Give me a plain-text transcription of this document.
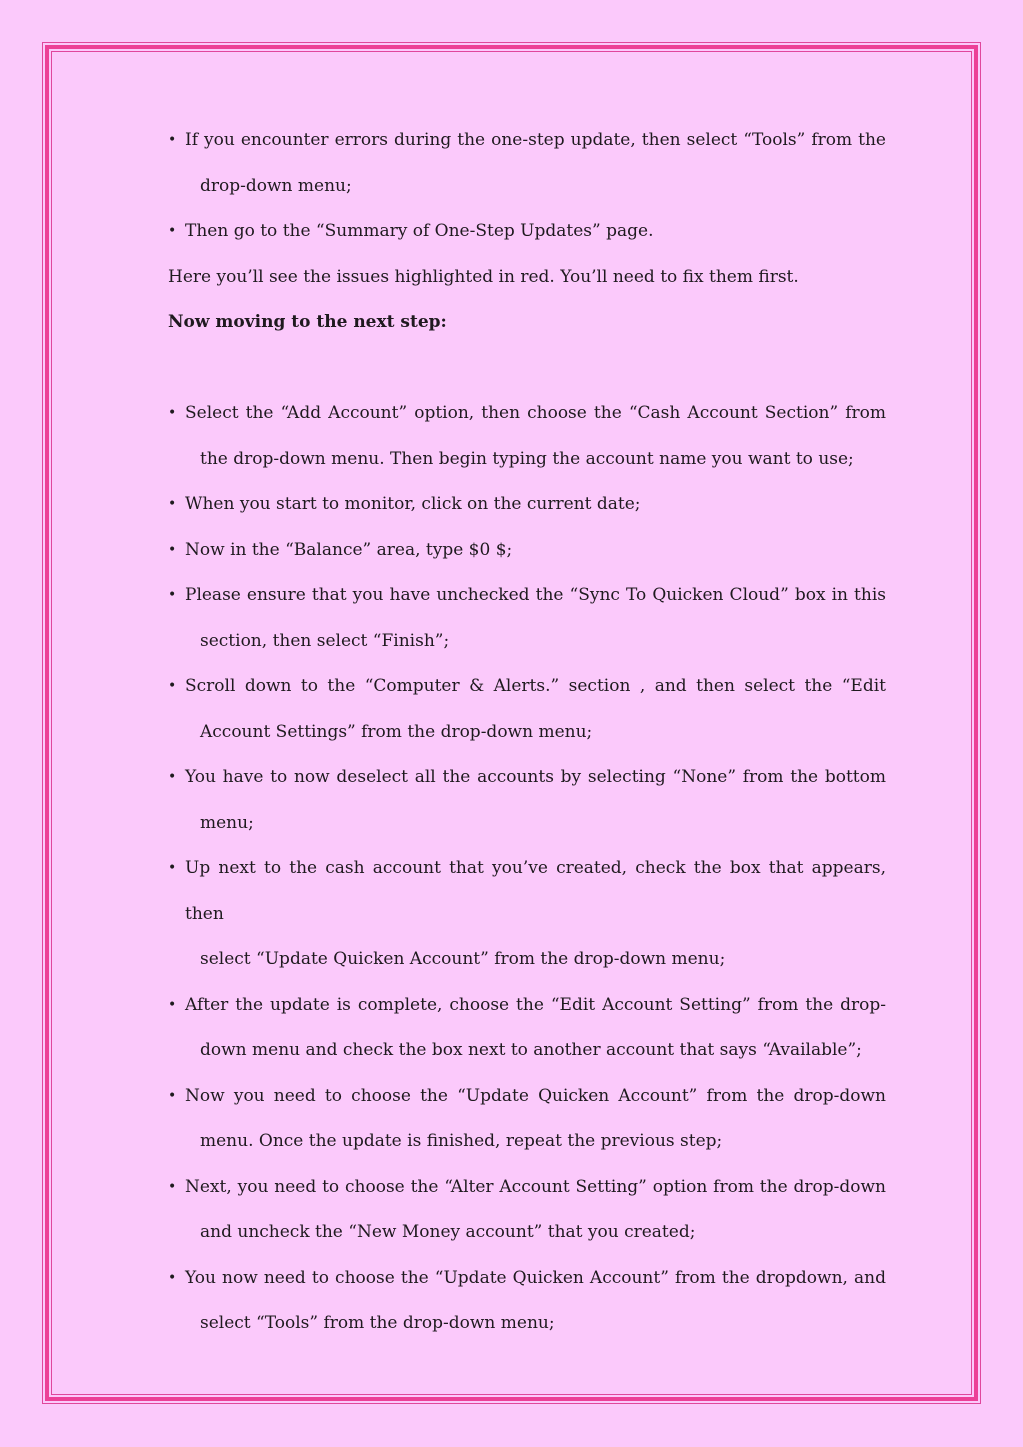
• If you encounter errors during the one-step update, then select “Tools” from the
drop-down menu;
• Then go to the “Summary of One-Step Updates” page.
Here you’ll see the issues highlighted in red. You’ll need to fix them first.
Now moving to the next step:
• Select the “Add Account” option, then choose the “Cash Account Section” from
the drop-down menu. Then begin typing the account name you want to use;
• When you start to monitor, click on the current date;
• Now in the “Balance” area, type $0 $;
• Please ensure that you have unchecked the “Sync To Quicken Cloud” box in this
section, then select “Finish”;
• Scroll down to the “Computer & Alerts.” section , and then select the “Edit
Account Settings” from the drop-down menu;
• You have to now deselect all the accounts by selecting “None” from the bottom
menu;
• Up next to the cash account that you’ve created, check the box that appears, then
select “Update Quicken Account” from the drop-down menu;
• After the update is complete, choose the “Edit Account Setting” from the drop-
down menu and check the box next to another account that says “Available”;
• Now you need to choose the “Update Quicken Account” from the drop-down
menu. Once the update is finished, repeat the previous step;
• Next, you need to choose the “Alter Account Setting” option from the drop-down
and uncheck the “New Money account” that you created;
• You now need to choose the “Update Quicken Account” from the dropdown, and
select “Tools” from the drop-down menu;
